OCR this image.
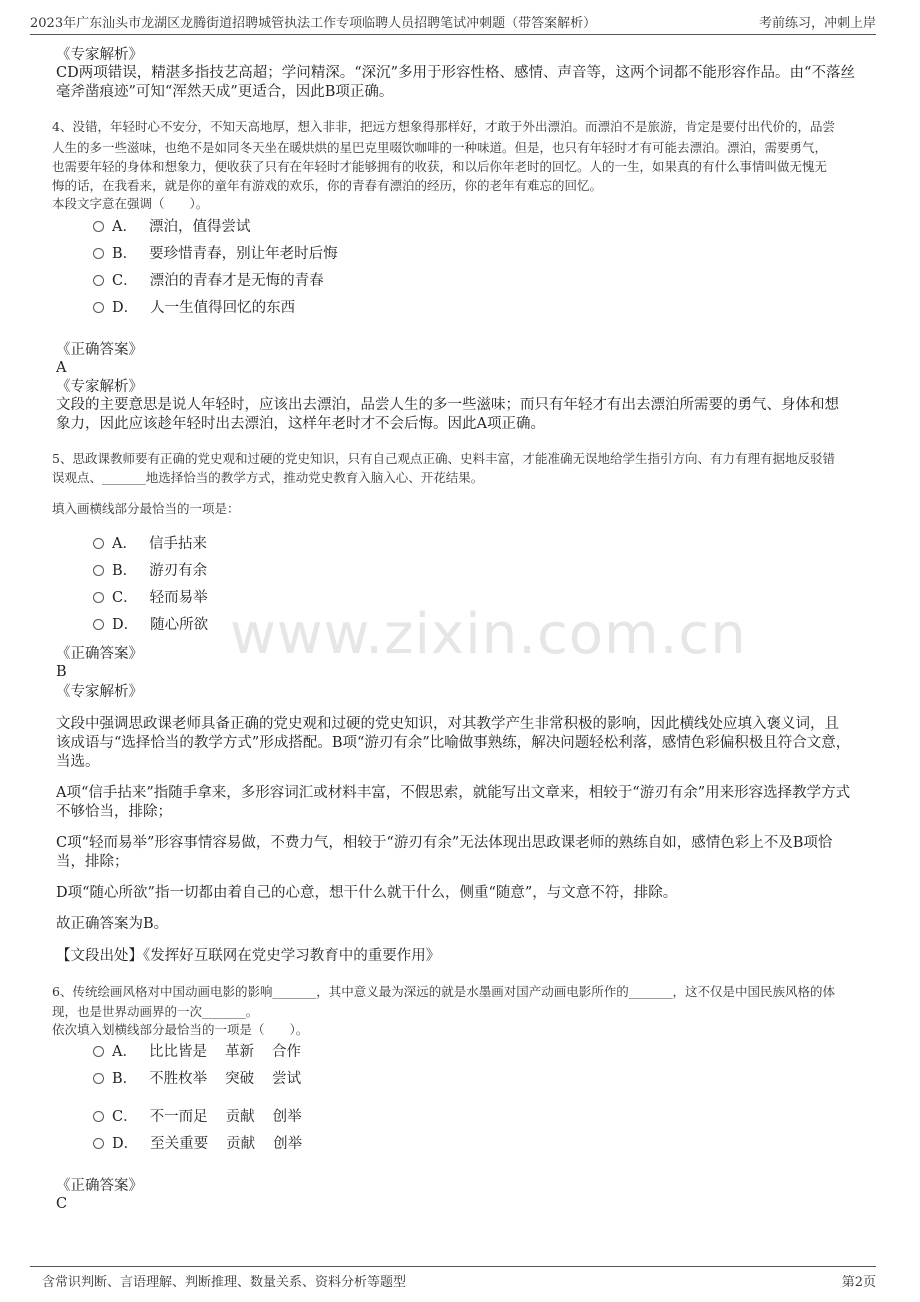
2023年广东汕头市龙湖区龙腾街道招聘城管执法工作专项临聘人员招聘笔试冲刺题（带答案解析）	考前练习，冲刺上岸
www.zixin.com.cn
《专家解析》
CD两项错误，精湛多指技艺高超；学问精深。“深沉”多用于形容性格、感情、声音等，这两个词都不能形容作品。由“不落丝
毫斧凿痕迹”可知“浑然天成”更适合，因此B项正确。
4、没错，年轻时心不安分，不知天高地厚，想入非非，把远方想象得那样好，才敢于外出漂泊。而漂泊不是旅游，肯定是要付出代价的，品尝
人生的多一些滋味，也绝不是如同冬天坐在暖烘烘的星巴克里啜饮咖啡的一种味道。但是，也只有年轻时才有可能去漂泊。漂泊，需要勇气，
也需要年轻的身体和想象力，便收获了只有在年轻时才能够拥有的收获，和以后你年老时的回忆。人的一生，如果真的有什么事情叫做无愧无
悔的话，在我看来，就是你的童年有游戏的欢乐，你的青春有漂泊的经历，你的老年有难忘的回忆。
本段文字意在强调（　　）。
A． 漂泊，值得尝试
B． 要珍惜青春，别让年老时后悔
C． 漂泊的青春才是无悔的青春
D． 人一生值得回忆的东西
《正确答案》
A
《专家解析》
文段的主要意思是说人年轻时，应该出去漂泊，品尝人生的多一些滋味；而只有年轻才有出去漂泊所需要的勇气、身体和想
象力，因此应该趁年轻时出去漂泊，这样年老时才不会后悔。因此A项正确。
5、思政课教师要有正确的党史观和过硬的党史知识，只有自己观点正确、史料丰富，才能准确无误地给学生指引方向、有力有理有据地反驳错
误观点、_______地选择恰当的教学方式，推动党史教育入脑入心、开花结果。
填入画横线部分最恰当的一项是：
A． 信手拈来
B． 游刃有余
C． 轻而易举
D． 随心所欲
《正确答案》
B
《专家解析》
文段中强调思政课老师具备正确的党史观和过硬的党史知识，对其教学产生非常积极的影响，因此横线处应填入褒义词，且
该成语与“选择恰当的教学方式”形成搭配。B项“游刃有余”比喻做事熟练，解决问题轻松利落，感情色彩偏积极且符合文意，
当选。
A项“信手拈来”指随手拿来，多形容词汇或材料丰富，不假思索，就能写出文章来，相较于“游刃有余”用来形容选择教学方式
不够恰当，排除；
C项“轻而易举”形容事情容易做，不费力气，相较于“游刃有余”无法体现出思政课老师的熟练自如，感情色彩上不及B项恰
当，排除；
D项“随心所欲”指一切都由着自己的心意，想干什么就干什么，侧重“随意”，与文意不符，排除。
故正确答案为B。
【文段出处】《发挥好互联网在党史学习教育中的重要作用》
6、传统绘画风格对中国动画电影的影响_______，其中意义最为深远的就是水墨画对国产动画电影所作的_______，这不仅是中国民族风格的体
现，也是世界动画界的一次_______。
依次填入划横线部分最恰当的一项是（　　）。
A． 比比皆是 革新 合作
B． 不胜枚举 突破 尝试
C． 不一而足 贡献 创举
D． 至关重要 贡献 创举
《正确答案》
C
含常识判断、言语理解、判断推理、数量关系、资料分析等题型	第2页
